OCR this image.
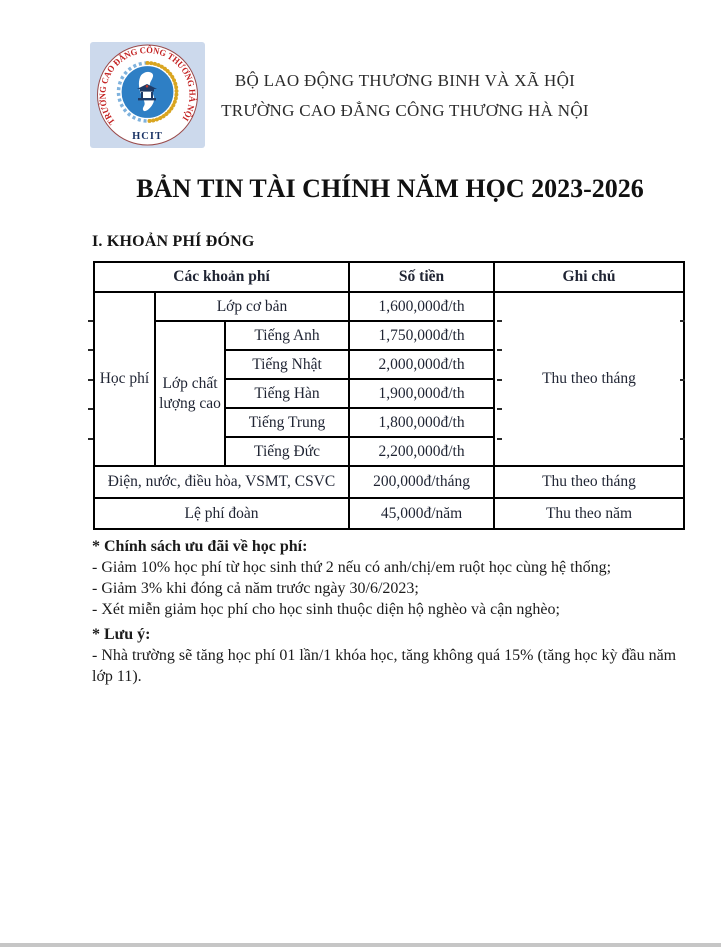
TRƯỜNG CAO ĐẲNG CÔNG THƯƠNG HÀ NỘI
HCIT
BỘ LAO ĐỘNG THƯƠNG BINH VÀ XÃ HỘI
TRƯỜNG CAO ĐẲNG CÔNG THƯƠNG HÀ NỘI
BẢN TIN TÀI CHÍNH NĂM HỌC 2023-2026
I. KHOẢN PHÍ ĐÓNG
Các khoản phí			Số tiền	Ghi chú
Học phí	Lớp cơ bản		1,600,000đ/th	Thu theo tháng
	Lớp chất lượng cao	Tiếng Anh	1,750,000đ/th	
		Tiếng Nhật	2,000,000đ/th	
		Tiếng Hàn	1,900,000đ/th	
		Tiếng Trung	1,800,000đ/th	
		Tiếng Đức	2,200,000đ/th	
Điện, nước, điều hòa, VSMT, CSVC			200,000đ/tháng	Thu theo tháng
Lệ phí đoàn			45,000đ/năm	Thu theo năm
* Chính sách ưu đãi về học phí:
- Giảm 10% học phí từ học sinh thứ 2 nếu có anh/chị/em ruột học cùng hệ thống;
- Giảm 3% khi đóng cả năm trước ngày 30/6/2023;
- Xét miễn giảm học phí cho học sinh thuộc diện hộ nghèo và cận nghèo;
* Lưu ý:
- Nhà trường sẽ tăng học phí 01 lần/1 khóa học, tăng không quá 15% (tăng học kỳ đầu năm lớp 11).
